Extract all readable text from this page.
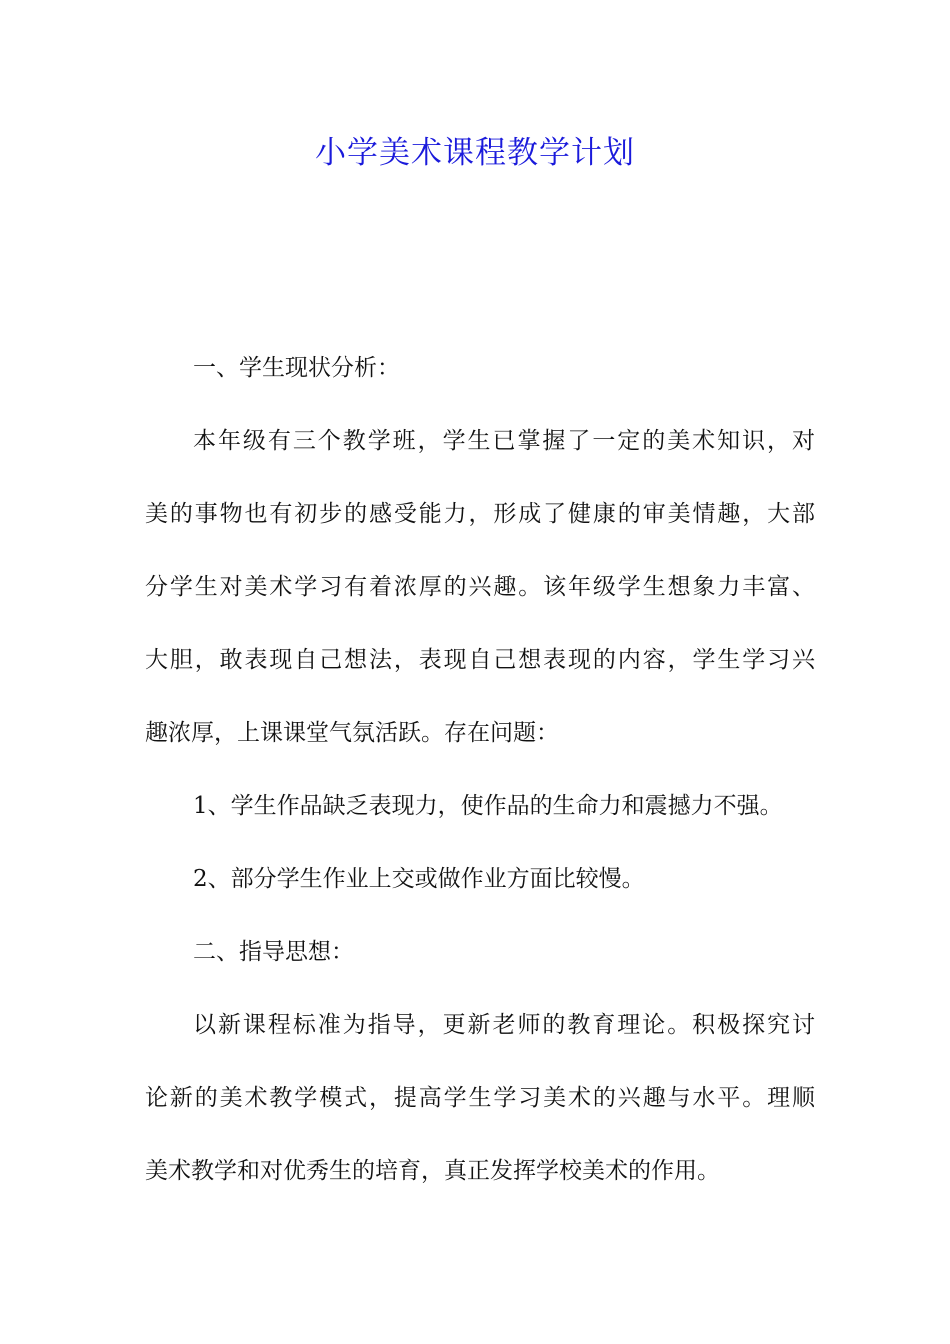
小学美术课程教学计划
一、学生现状分析：
本年级有三个教学班，学生已掌握了一定的美术知识，对
美的事物也有初步的感受能力，形成了健康的审美情趣，大部
分学生对美术学习有着浓厚的兴趣。该年级学生想象力丰富、
大胆，敢表现自己想法，表现自己想表现的内容，学生学习兴
趣浓厚，上课课堂气氛活跃。存在问题：
1、学生作品缺乏表现力，使作品的生命力和震撼力不强。
2、部分学生作业上交或做作业方面比较慢。
二、指导思想：
以新课程标准为指导，更新老师的教育理论。积极探究讨
论新的美术教学模式，提高学生学习美术的兴趣与水平。理顺
美术教学和对优秀生的培育，真正发挥学校美术的作用。
